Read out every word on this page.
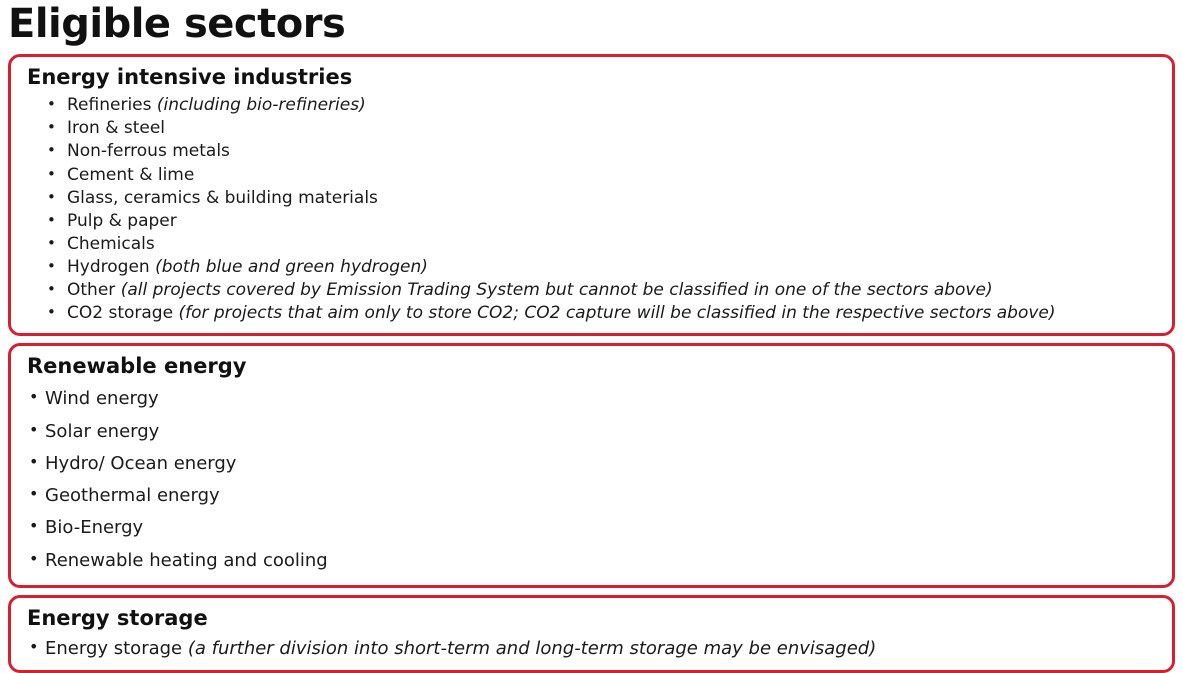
Eligible sectors
Energy intensive industries
• Refineries (including bio-refineries)
• Iron & steel
• Non-ferrous metals
• Cement & lime
• Glass, ceramics & building materials
• Pulp & paper
• Chemicals
• Hydrogen (both blue and green hydrogen)
• Other (all projects covered by Emission Trading System but cannot be classified in one of the sectors above)
• CO2 storage (for projects that aim only to store CO2; CO2 capture will be classified in the respective sectors above)
Renewable energy
• Wind energy
• Solar energy
• Hydro/ Ocean energy
• Geothermal energy
• Bio-Energy
• Renewable heating and cooling
Energy storage
• Energy storage (a further division into short-term and long-term storage may be envisaged)
